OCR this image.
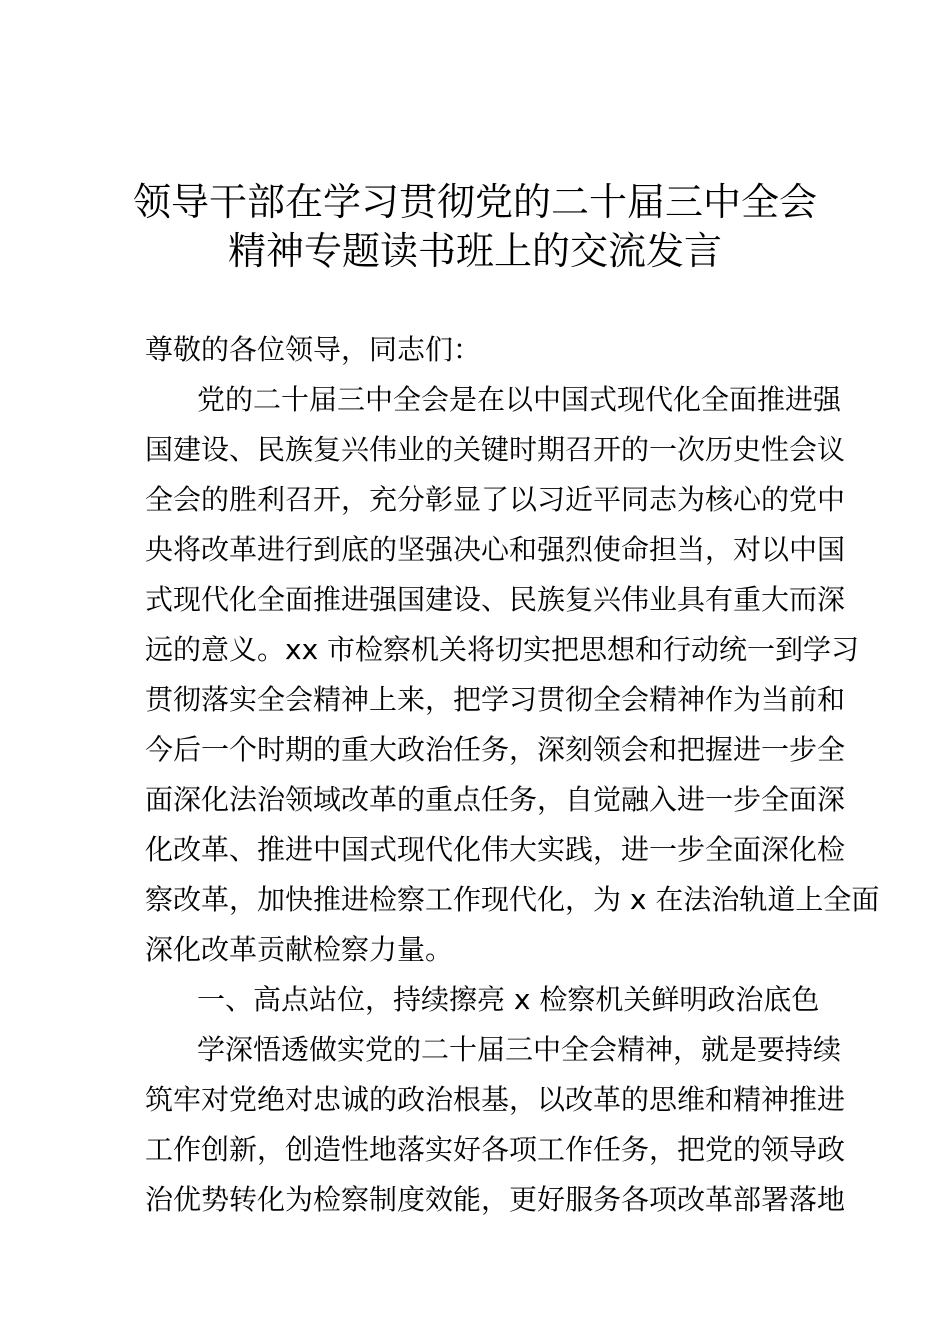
领导干部在学习贯彻党的二十届三中全会
精神专题读书班上的交流发言
尊敬的各位领导，同志们：
党的二十届三中全会是在以中国式现代化全面推进强
国建设、民族复兴伟业的关键时期召开的一次历史性会议
全会的胜利召开，充分彰显了以习近平同志为核心的党中
央将改革进行到底的坚强决心和强烈使命担当，对以中国
式现代化全面推进强国建设、民族复兴伟业具有重大而深
远的意义。xx 市检察机关将切实把思想和行动统一到学习
贯彻落实全会精神上来，把学习贯彻全会精神作为当前和
今后一个时期的重大政治任务，深刻领会和把握进一步全
面深化法治领域改革的重点任务，自觉融入进一步全面深
化改革、推进中国式现代化伟大实践，进一步全面深化检
察改革，加快推进检察工作现代化，为 x 在法治轨道上全面
深化改革贡献检察力量。
一、高点站位，持续擦亮 x 检察机关鲜明政治底色
学深悟透做实党的二十届三中全会精神，就是要持续
筑牢对党绝对忠诚的政治根基，以改革的思维和精神推进
工作创新，创造性地落实好各项工作任务，把党的领导政
治优势转化为检察制度效能，更好服务各项改革部署落地
